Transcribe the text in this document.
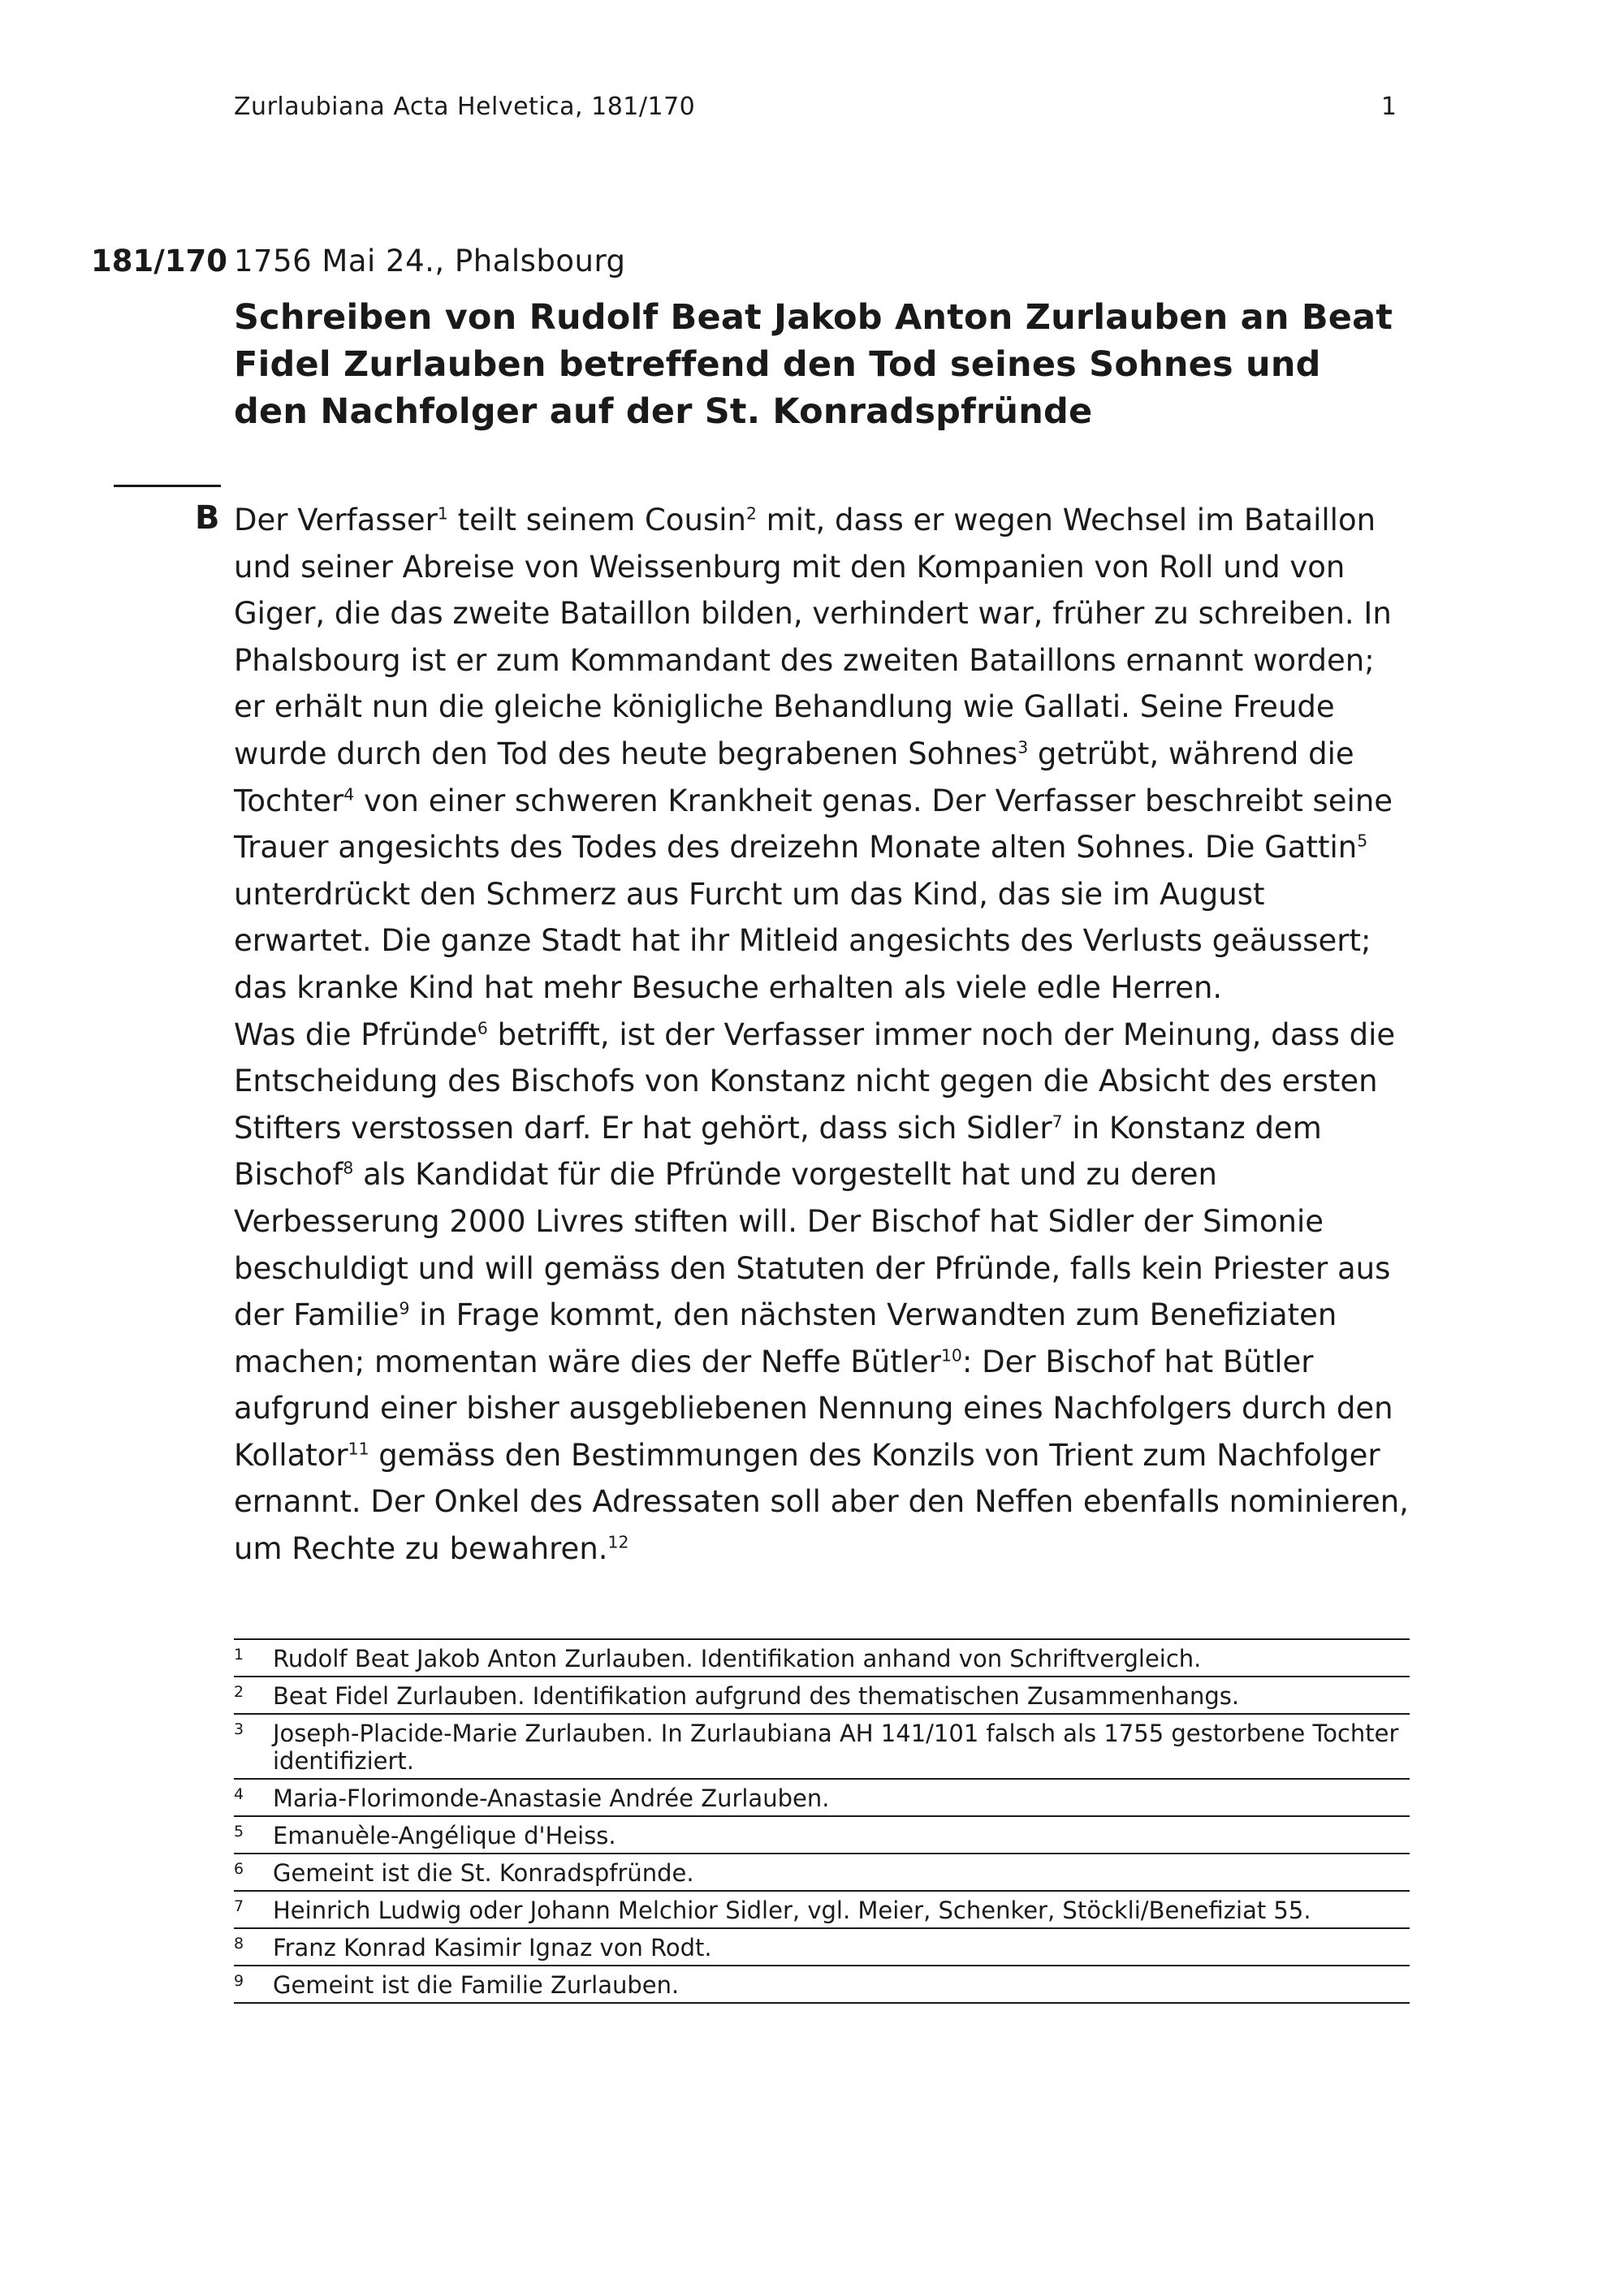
Zurlaubiana Acta Helvetica, 181/170	1
181/170 1756 Mai 24., Phalsbourg
Schreiben von Rudolf Beat Jakob Anton Zurlauben an Beat Fidel Zurlauben betreffend den Tod seines Sohnes und den Nachfolger auf der St. Konradspfründe
B Der Verfasser$^1$ teilt seinem Cousin$^2$ mit, dass er wegen Wechsel im Bataillon und seiner Abreise von Weissenburg mit den Kompanien von Roll und von Giger, die das zweite Bataillon bilden, verhindert war, früher zu schreiben. In Phalsbourg ist er zum Kommandant des zweiten Bataillons ernannt worden; er erhält nun die gleiche königliche Behandlung wie Gallati. Seine Freude wurde durch den Tod des heute begrabenen Sohnes$^3$ getrübt, während die Tochter$^4$ von einer schweren Krankheit genas. Der Verfasser beschreibt seine Trauer angesichts des Todes des dreizehn Monate alten Sohnes. Die Gattin$^5$ unterdrückt den Schmerz aus Furcht um das Kind, das sie im August erwartet. Die ganze Stadt hat ihr Mitleid angesichts des Verlusts geäussert; das kranke Kind hat mehr Besuche erhalten als viele edle Herren.

Was die Pfründe$^6$ betrifft, ist der Verfasser immer noch der Meinung, dass die Entscheidung des Bischofs von Konstanz nicht gegen die Absicht des ersten Stifters verstossen darf. Er hat gehört, dass sich Sidler$^7$ in Konstanz dem Bischof$^8$ als Kandidat für die Pfründe vorgestellt hat und zu deren Verbesserung 2000 Livres stiften will. Der Bischof hat Sidler der Simonie beschuldigt und will gemäss den Statuten der Pfründe, falls kein Priester aus der Familie$^9$ in Frage kommt, den nächsten Verwandten zum Benefiziaten machen; momentan wäre dies der Neffe Bütler$^{10}$: Der Bischof hat Bütler aufgrund einer bisher ausgebliebenen Nennung eines Nachfolgers durch den Kollator$^{11}$ gemäss den Bestimmungen des Konzils von Trient zum Nachfolger ernannt. Der Onkel des Adressaten soll aber den Neffen ebenfalls nominieren, um Rechte zu bewahren.$^{12}$

1	Rudolf Beat Jakob Anton Zurlauben. Identifikation anhand von Schriftvergleich.
2	Beat Fidel Zurlauben. Identifikation aufgrund des thematischen Zusammenhangs.
3	Joseph-Placide-Marie Zurlauben. In Zurlaubiana AH 141/101 falsch als 1755 gestorbene Tochter identifiziert.
4	Maria-Florimonde-Anastasie Andrée Zurlauben.
5	Emanuèle-Angélique d'Heiss.
6	Gemeint ist die St. Konradspfründe.
7	Heinrich Ludwig oder Johann Melchior Sidler, vgl. Meier, Schenker, Stöckli/Benefiziat 55.
8	Franz Konrad Kasimir Ignaz von Rodt.
9	Gemeint ist die Familie Zurlauben.
